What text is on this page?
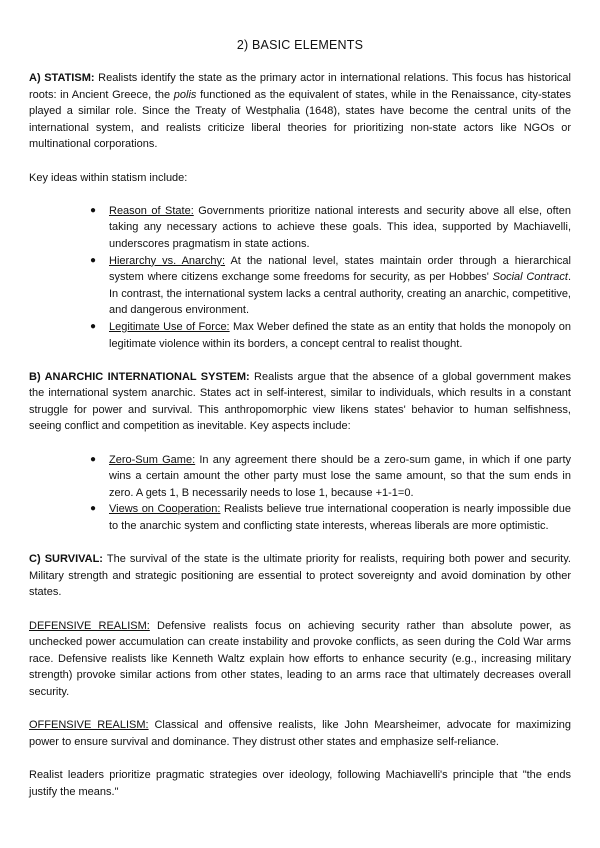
2) BASIC ELEMENTS

A) STATISM: Realists identify the state as the primary actor in international relations. This focus has historical roots: in Ancient Greece, the polis functioned as the equivalent of states, while in the Renaissance, city-states played a similar role. Since the Treaty of Westphalia (1648), states have become the central units of the international system, and realists criticize liberal theories for prioritizing non-state actors like NGOs or multinational corporations.

Key ideas within statism include:

● Reason of State: Governments prioritize national interests and security above all else, often taking any necessary actions to achieve these goals. This idea, supported by Machiavelli, underscores pragmatism in state actions.
● Hierarchy vs. Anarchy: At the national level, states maintain order through a hierarchical system where citizens exchange some freedoms for security, as per Hobbes' Social Contract. In contrast, the international system lacks a central authority, creating an anarchic, competitive, and dangerous environment.
● Legitimate Use of Force: Max Weber defined the state as an entity that holds the monopoly on legitimate violence within its borders, a concept central to realist thought.

B) ANARCHIC INTERNATIONAL SYSTEM: Realists argue that the absence of a global government makes the international system anarchic. States act in self-interest, similar to individuals, which results in a constant struggle for power and survival. This anthropomorphic view likens states' behavior to human selfishness, seeing conflict and competition as inevitable. Key aspects include:

● Zero-Sum Game: In any agreement there should be a zero-sum game, in which if one party wins a certain amount the other party must lose the same amount, so that the sum ends in zero. A gets 1, B necessarily needs to lose 1, because +1-1=0.
● Views on Cooperation: Realists believe true international cooperation is nearly impossible due to the anarchic system and conflicting state interests, whereas liberals are more optimistic.

C) SURVIVAL: The survival of the state is the ultimate priority for realists, requiring both power and security. Military strength and strategic positioning are essential to protect sovereignty and avoid domination by other states.

DEFENSIVE REALISM: Defensive realists focus on achieving security rather than absolute power, as unchecked power accumulation can create instability and provoke conflicts, as seen during the Cold War arms race. Defensive realists like Kenneth Waltz explain how efforts to enhance security (e.g., increasing military strength) provoke similar actions from other states, leading to an arms race that ultimately decreases overall security.

OFFENSIVE REALISM: Classical and offensive realists, like John Mearsheimer, advocate for maximizing power to ensure survival and dominance. They distrust other states and emphasize self-reliance.

Realist leaders prioritize pragmatic strategies over ideology, following Machiavelli's principle that "the ends justify the means."
